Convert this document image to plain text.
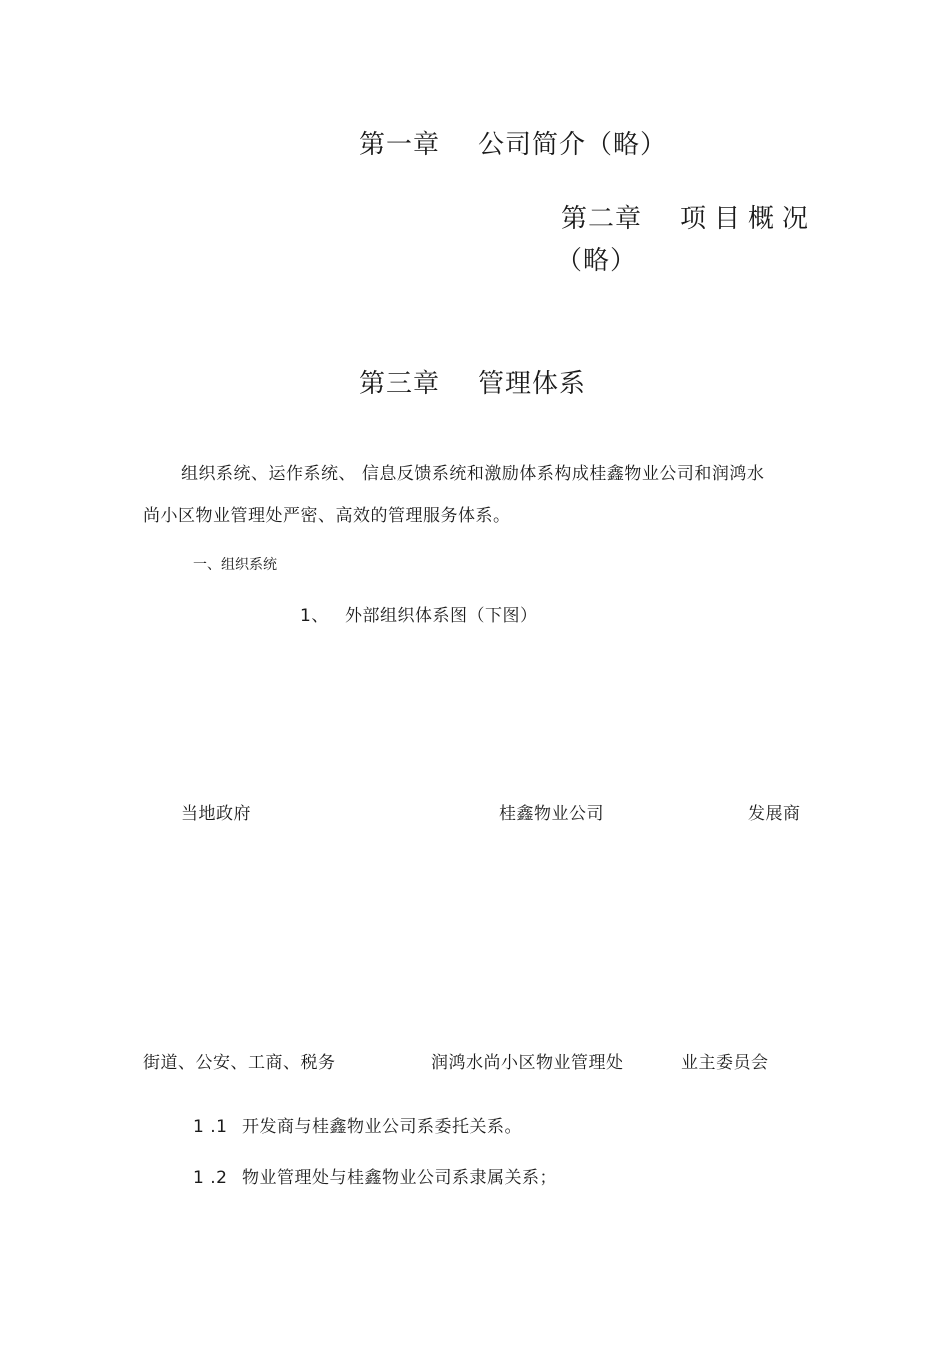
第一章 公司简介（略）
第二章 项目概况
（略）
第三章 管理体系
组织系统、运作系统、 信息反馈系统和激励体系构成桂鑫物业公司和润鸿水
尚小区物业管理处严密、高效的管理服务体系。
一、组织系统
1、 外部组织体系图（下图）
当地政府	桂鑫物业公司	发展商
街道、公安、工商、税务	润鸿水尚小区物业管理处	业主委员会
1 .1 开发商与桂鑫物业公司系委托关系。
1 .2 物业管理处与桂鑫物业公司系隶属关系；
